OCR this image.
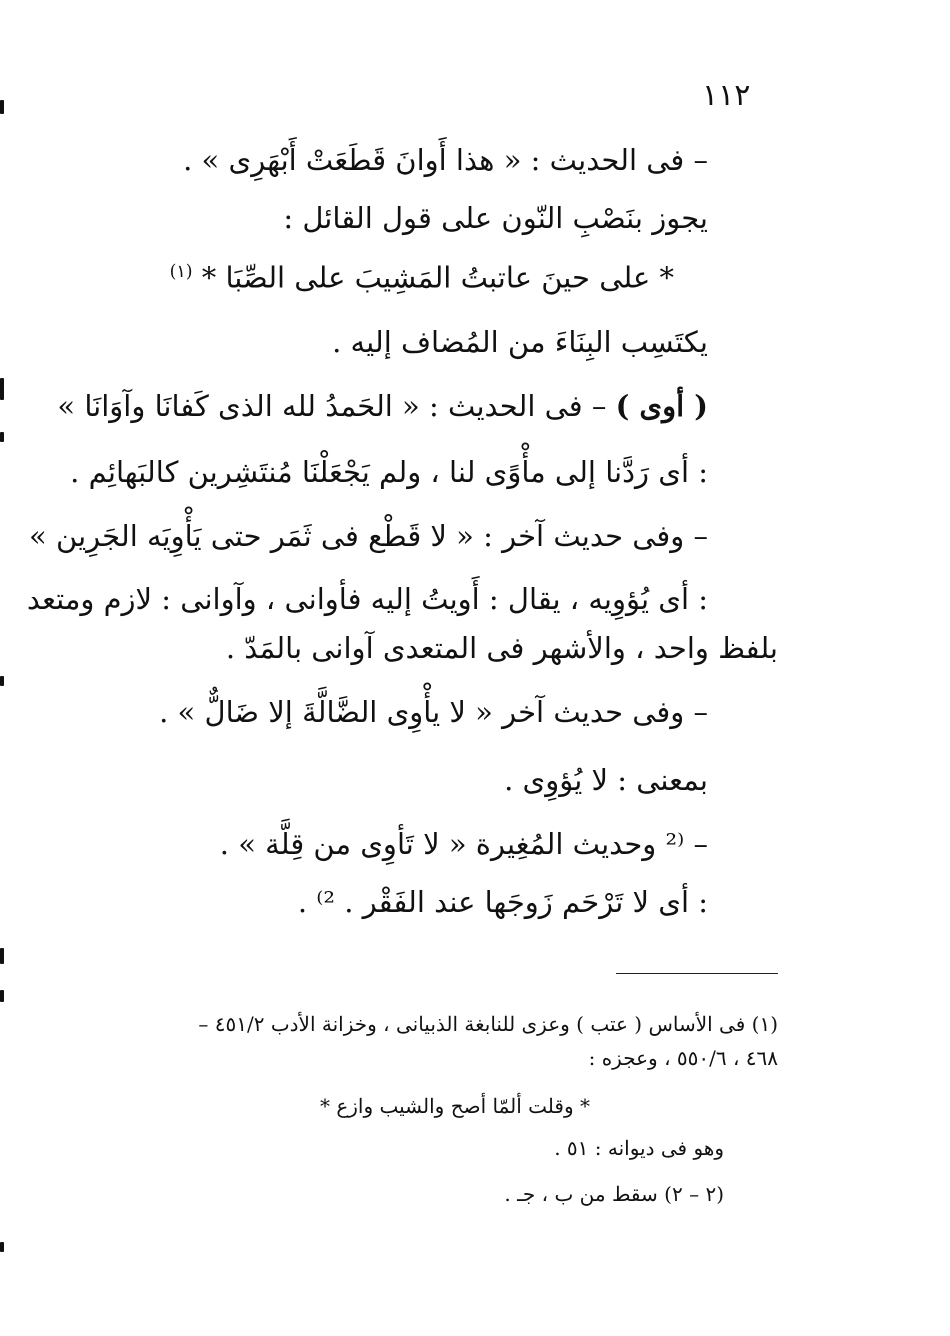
١١٢
– فى الحديث : « هذا أَوانَ قَطَعَتْ أَبْهَرِى » .
يجوز بنَصْبِ النّون على قول القائل :
* على حينَ عاتبتُ المَشِيبَ على الصِّبَا * $^{(١)}$
يكتَسِب البِنَاءَ من المُضاف إليه .
( أوى ) – فى الحديث : « الحَمدُ لله الذى كَفانَا وآوَانَا »
: أى رَدَّنا إلى مأْوًى لنا ، ولم يَجْعَلْنَا مُنتَشِرين كالبَهائِم .
– وفى حديث آخر : « لا قَطْع فى ثَمَر حتى يَأْوِيَه الجَرِين »
: أى يُؤوِيه ، يقال : أَويتُ إليه فأوانى ، وآوانى : لازم ومتعد
بلفظ واحد ، والأشهر فى المتعدى آوانى بالمَدّ .
– وفى حديث آخر « لا يأْوِى الضَّالَّةَ إلا ضَالٌّ » .
بمعنى : لا يُؤوِى .
– ⁽² وحديث المُغِيرة « لا تَأوِى من قِلَّة » .
: أى لا تَرْحَم زَوجَها عند الفَقْر . ²⁾ .
(١) فى الأساس ( عتب ) وعزى للنابغة الذبيانى ، وخزانة الأدب ٤٥١/٢ –
٤٦٨ ، ٥٥٠/٦ ، وعجزه :
* وقلت ألمّا أصح والشيب وازع *
وهو فى ديوانه : ٥١ .
(٢ – ٢) سقط من ب ، جـ .
